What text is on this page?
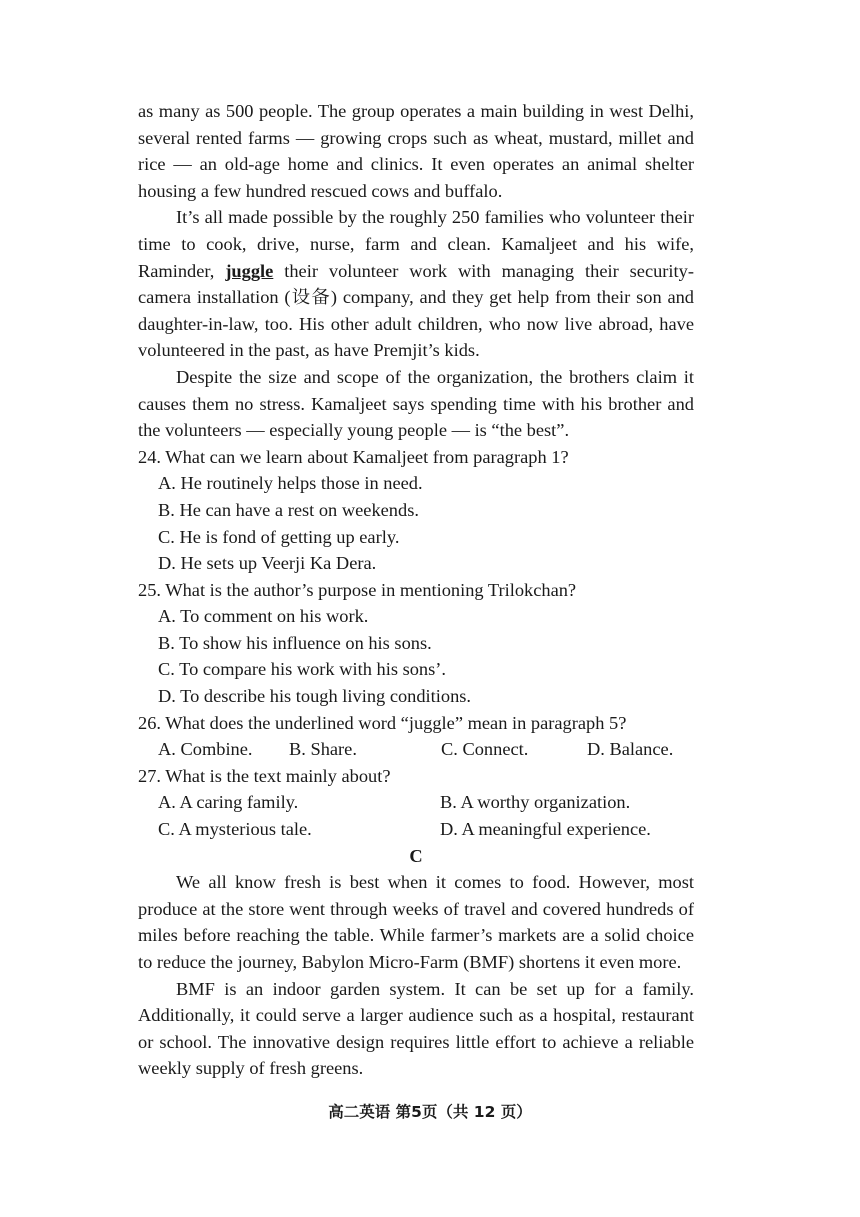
as many as 500 people. The group operates a main building in west Delhi, several rented farms — growing crops such as wheat, mustard, millet and rice — an old-age home and clinics. It even operates an animal shelter housing a few hundred rescued cows and buffalo.

It’s all made possible by the roughly 250 families who volunteer their time to cook, drive, nurse, farm and clean. Kamaljeet and his wife, Raminder, juggle their volunteer work with managing their security-camera installation (设备) company, and they get help from their son and daughter-in-law, too. His other adult children, who now live abroad, have volunteered in the past, as have Premjit’s kids.

Despite the size and scope of the organization, the brothers claim it causes them no stress. Kamaljeet says spending time with his brother and the volunteers — especially young people — is “the best”.

24. What can we learn about Kamaljeet from paragraph 1?
A. He routinely helps those in need.
B. He can have a rest on weekends.
C. He is fond of getting up early.
D. He sets up Veerji Ka Dera.
25. What is the author’s purpose in mentioning Trilokchan?
A. To comment on his work.
B. To show his influence on his sons.
C. To compare his work with his sons’.
D. To describe his tough living conditions.
26. What does the underlined word “juggle” mean in paragraph 5?
A. Combine.	B. Share.	C. Connect.	D. Balance.
27. What is the text mainly about?
A. A caring family.	B. A worthy organization.
C. A mysterious tale.	D. A meaningful experience.
C

We all know fresh is best when it comes to food. However, most produce at the store went through weeks of travel and covered hundreds of miles before reaching the table. While farmer’s markets are a solid choice to reduce the journey, Babylon Micro-Farm (BMF) shortens it even more.

BMF is an indoor garden system. It can be set up for a family. Additionally, it could serve a larger audience such as a hospital, restaurant or school. The innovative design requires little effort to achieve a reliable weekly supply of fresh greens.

高二英语 第5页（共 12 页）
